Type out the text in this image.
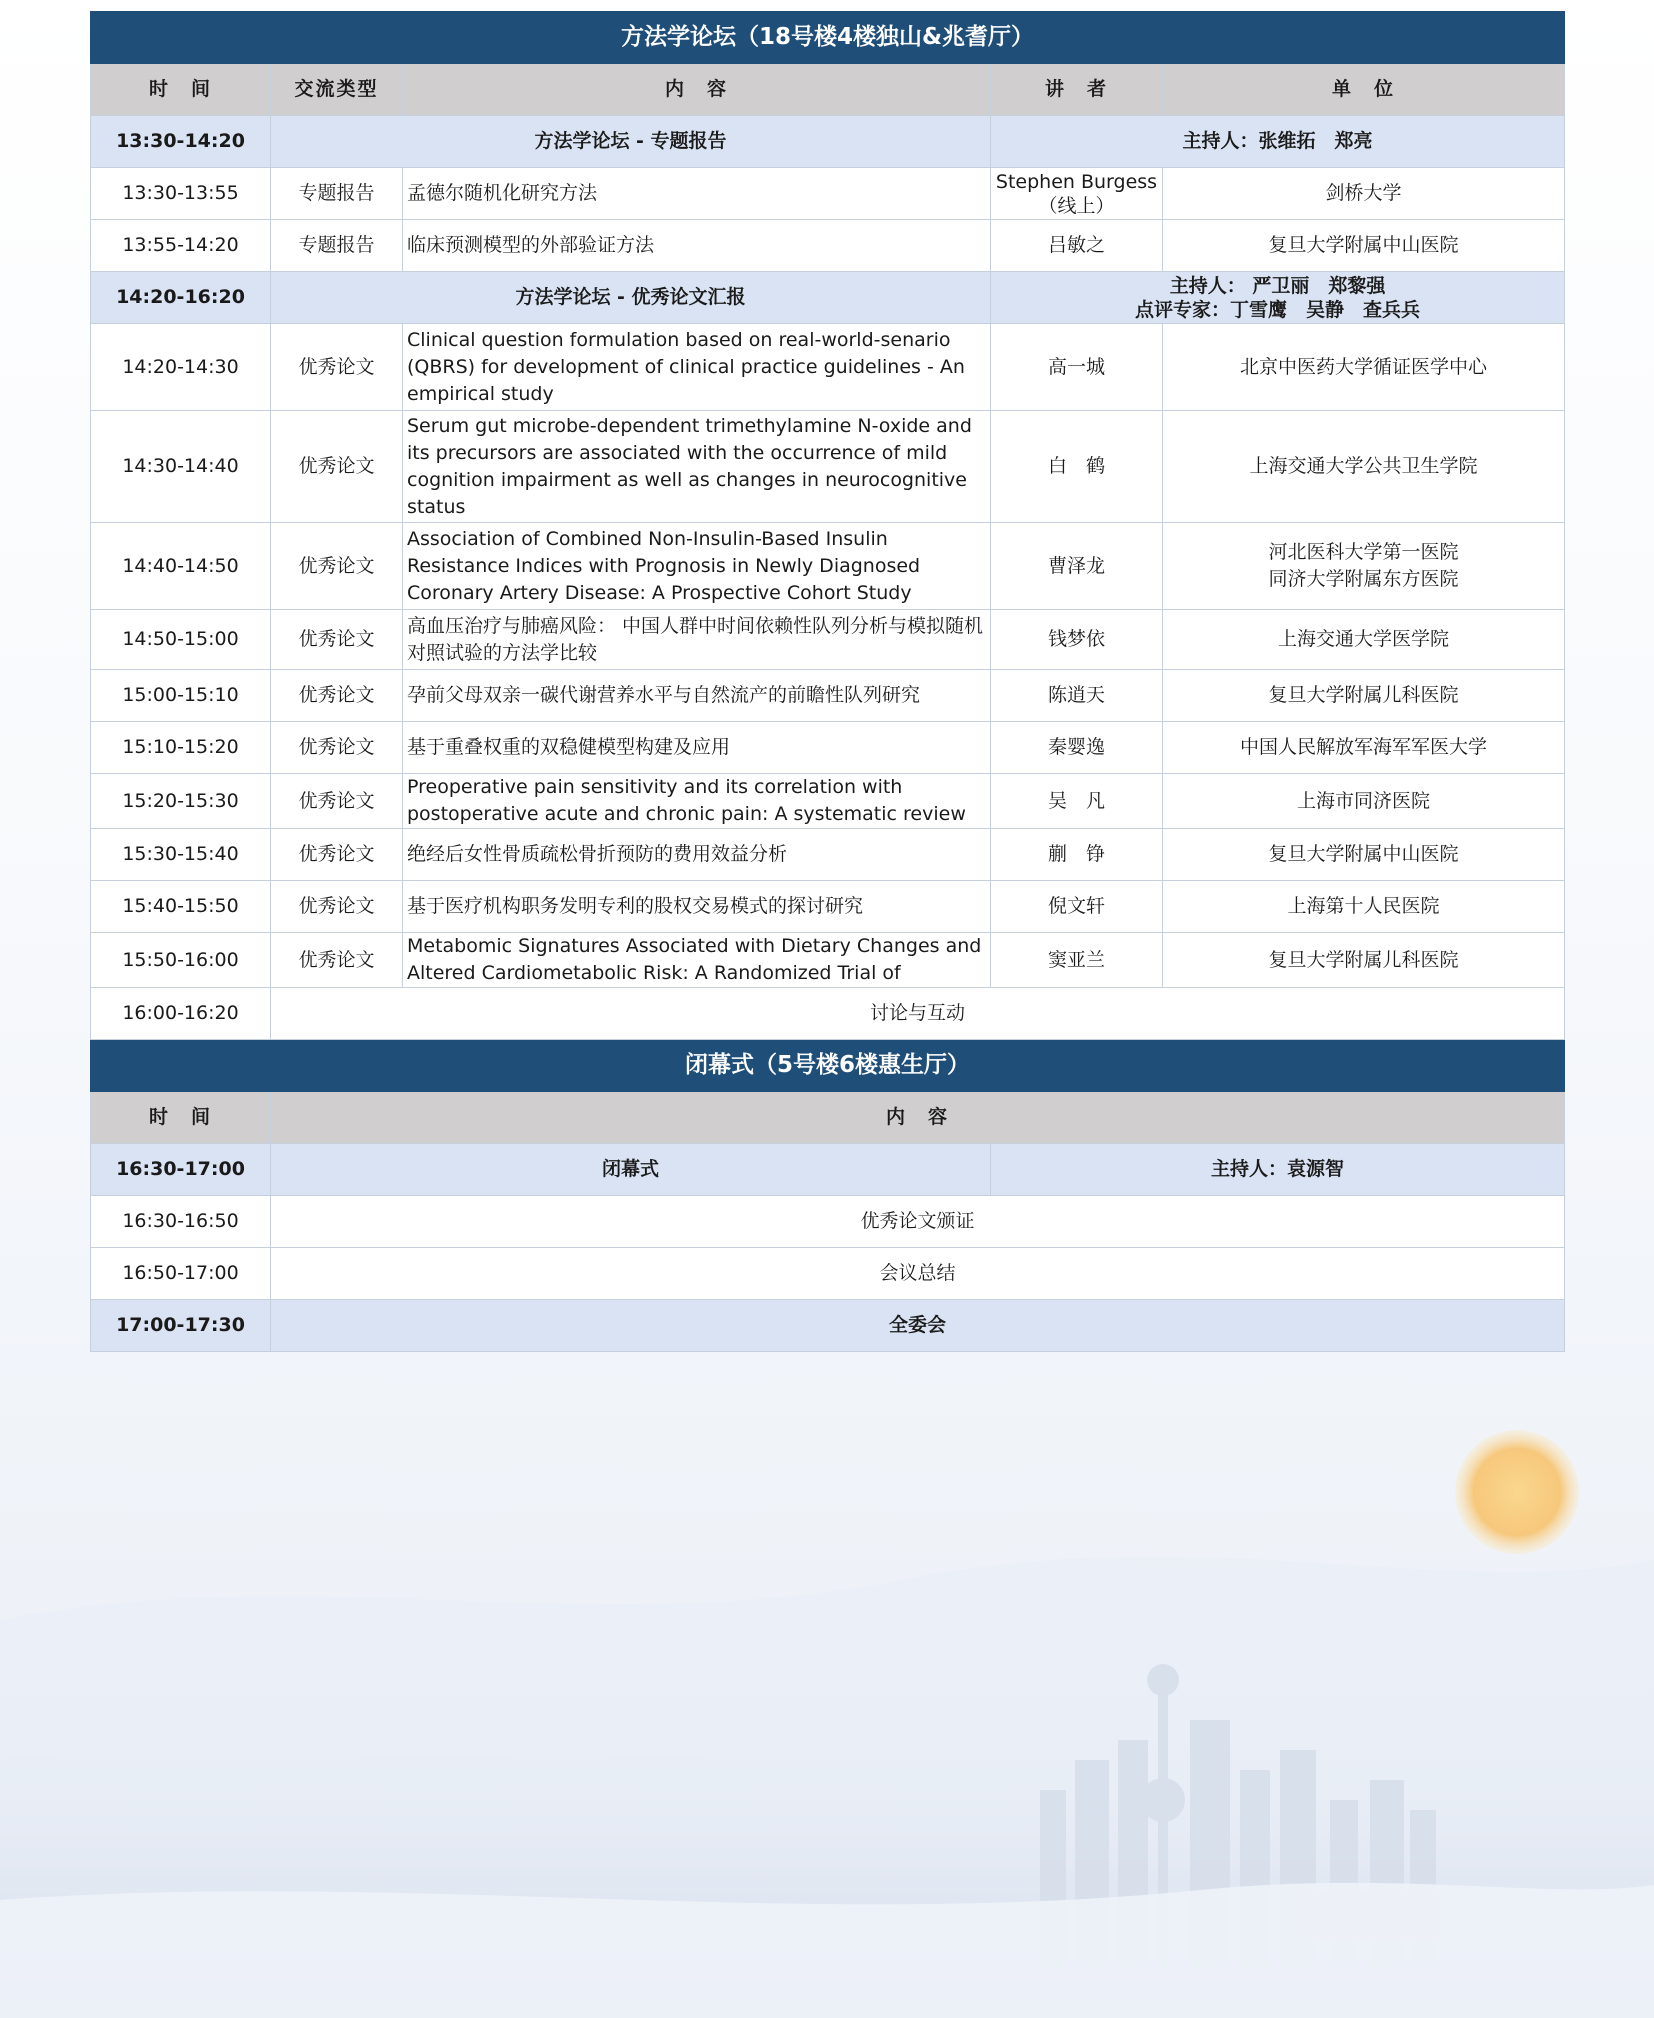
方法学论坛（18号楼4楼独山&兆耆厅）				
时　间	交流类型	内　容	讲　者	单　位
13:30-14:20	方法学论坛 - 专题报告		主持人：张维拓　郑亮	
13:30-13:55	专题报告	孟德尔随机化研究方法	Stephen Burgess（线上）	剑桥大学
13:55-14:20	专题报告	临床预测模型的外部验证方法	吕敏之	复旦大学附属中山医院
14:20-16:20	方法学论坛 - 优秀论文汇报		主持人： 严卫丽　郑黎强
点评专家：丁雪鹰　吴静　查兵兵	

14:20-14:30	优秀论文	Clinical question formulation based on real-world-senario (QBRS) for development of clinical practice guidelines - An empirical study	高一城	北京中医药大学循证医学中心
14:30-14:40	优秀论文	Serum gut microbe-dependent trimethylamine N-oxide and its precursors are associated with the occurrence of mild cognition impairment as well as changes in neurocognitive status	白　鹤	上海交通大学公共卫生学院
14:40-14:50	优秀论文	Association of Combined Non-Insulin-Based Insulin Resistance Indices with Prognosis in Newly Diagnosed Coronary Artery Disease: A Prospective Cohort Study	曹泽龙	河北医科大学第一医院
同济大学附属东方医院

14:50-15:00	优秀论文	高血压治疗与肺癌风险： 中国人群中时间依赖性队列分析与模拟随机对照试验的方法学比较	钱梦依	上海交通大学医学院
15:00-15:10	优秀论文	孕前父母双亲一碳代谢营养水平与自然流产的前瞻性队列研究	陈逍天	复旦大学附属儿科医院
15:10-15:20	优秀论文	基于重叠权重的双稳健模型构建及应用	秦婴逸	中国人民解放军海军军医大学
15:20-15:30	优秀论文	Preoperative pain sensitivity and its correlation with postoperative acute and chronic pain: A systematic review	吴　凡	上海市同济医院
15:30-15:40	优秀论文	绝经后女性骨质疏松骨折预防的费用效益分析	蒯　铮	复旦大学附属中山医院
15:40-15:50	优秀论文	基于医疗机构职务发明专利的股权交易模式的探讨研究	倪文轩	上海第十人民医院
15:50-16:00	优秀论文	Metabomic Signatures Associated with Dietary Changes and Altered Cardiometabolic Risk: A Randomized Trial of	窦亚兰	复旦大学附属儿科医院
16:00-16:20	讨论与互动			
闭幕式（5号楼6楼惠生厅）				
时　间	内　容			
16:30-17:00	闭幕式		主持人：袁源智	
16:30-16:50	优秀论文颁证			
16:50-17:00	会议总结			
17:00-17:30	全委会			
